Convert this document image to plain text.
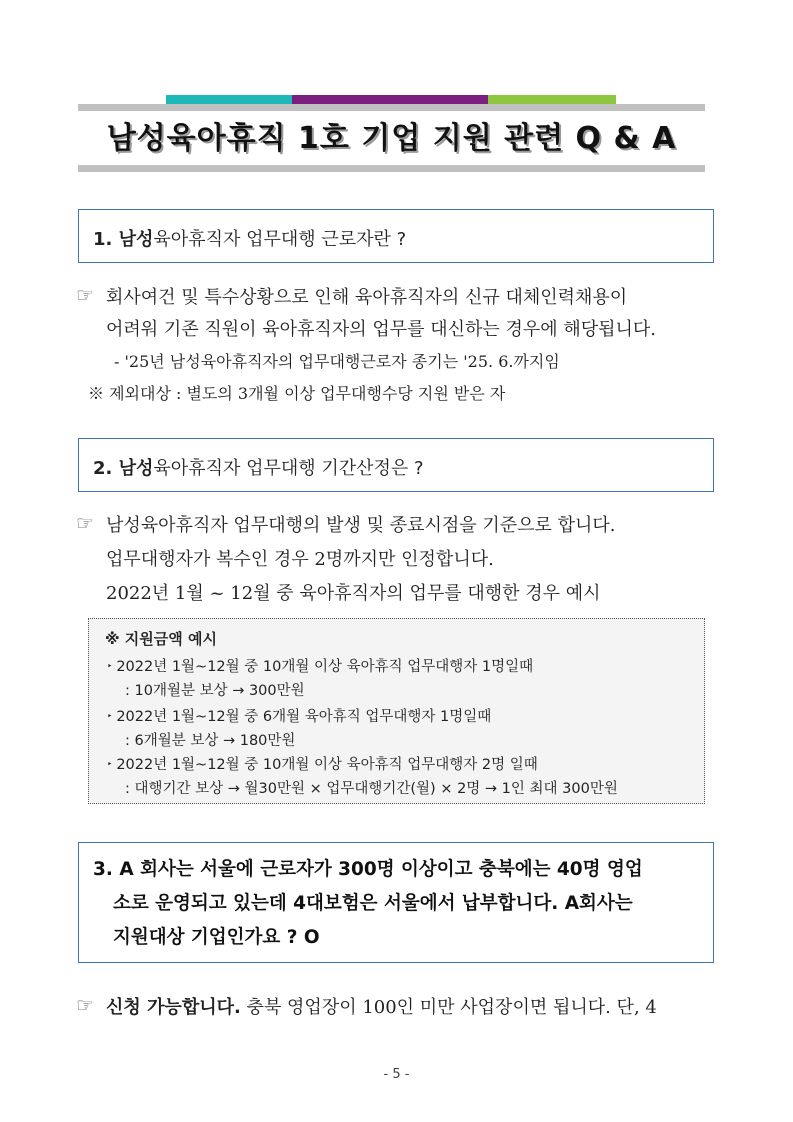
남성육아휴직 1호 기업 지원 관련 Q & A
1. 남성육아휴직자 업무대행 근로자란 ?
☞ 회사여건 및 특수상황으로 인해 육아휴직자의 신규 대체인력채용이
어려워 기존 직원이 육아휴직자의 업무를 대신하는 경우에 해당됩니다.
- '25년 남성육아휴직자의 업무대행근로자 종기는 '25. 6.까지임
※ 제외대상 : 별도의 3개월 이상 업무대행수당 지원 받은 자
2. 남성육아휴직자 업무대행 기간산정은 ?
☞ 남성육아휴직자 업무대행의 발생 및 종료시점을 기준으로 합니다.
업무대행자가 복수인 경우 2명까지만 인정합니다.
2022년 1월 ~ 12월 중 육아휴직자의 업무를 대행한 경우 예시
※ 지원금액 예시
‣ 2022년 1월~12월 중 10개월 이상 육아휴직 업무대행자 1명일때
: 10개월분 보상 → 300만원
‣ 2022년 1월~12월 중 6개월 육아휴직 업무대행자 1명일때
: 6개월분 보상 → 180만원
‣ 2022년 1월~12월 중 10개월 이상 육아휴직 업무대행자 2명 일때
: 대행기간 보상 → 월30만원 × 업무대행기간(월) × 2명 → 1인 최대 300만원
3. A 회사는 서울에 근로자가 300명 이상이고 충북에는 40명 영업
소로 운영되고 있는데 4대보험은 서울에서 납부합니다. A회사는
지원대상 기업인가요 ? O
☞ 신청 가능합니다. 충북 영업장이 100인 미만 사업장이면 됩니다. 단, 4
- 5 -
